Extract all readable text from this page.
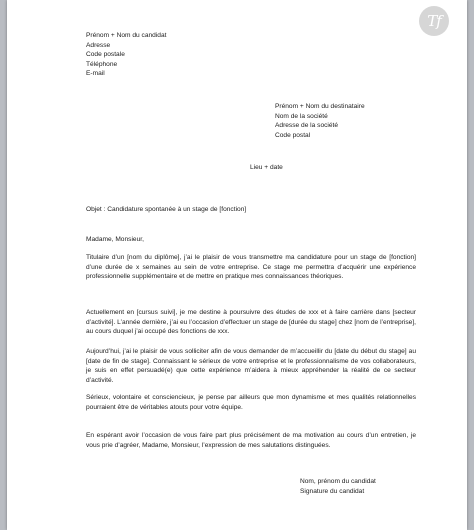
Tf

Prénom + Nom du candidat

Adresse

Code postale

Téléphone

E-mail

Prénom + Nom du destinataire

Nom de la société

Adresse de la société

Code postal

Lieu + date
Objet : Candidature spontanée à un stage de [fonction]
Madame, Monsieur,

Titulaire d’un [nom du diplôme], j’ai le plaisir de vous transmettre ma candidature pour un stage de [fonction] d’une durée de x semaines au sein de votre entreprise. Ce stage me permettra d’acquérir une expérience professionnelle supplémentaire et de mettre en pratique mes connaissances théoriques.

Actuellement en [cursus suivi], je me destine à poursuivre des études de xxx et à faire carrière dans [secteur d’activité]. L’année dernière, j’ai eu l’occasion d’effectuer un stage de [durée du stage] chez [nom de l’entreprise], au cours duquel j’ai occupé des fonctions de xxx.

Aujourd’hui, j’ai le plaisir de vous solliciter afin de vous demander de m’accueillir du [date du début du stage] au [date de fin de stage]. Connaissant le sérieux de votre entreprise et le professionnalisme de vos collaborateurs, je suis en effet persuadé(e) que cette expérience m’aidera à mieux appréhender la réalité de ce secteur d’activité.

Sérieux, volontaire et consciencieux, je pense par ailleurs que mon dynamisme et mes qualités relationnelles pourraient être de véritables atouts pour votre équipe.

En espérant avoir l’occasion de vous faire part plus précisément de ma motivation au cours d’un entretien, je vous prie d’agréer, Madame, Monsieur, l’expression de mes salutations distinguées.

Nom, prénom du candidat

Signature du candidat
